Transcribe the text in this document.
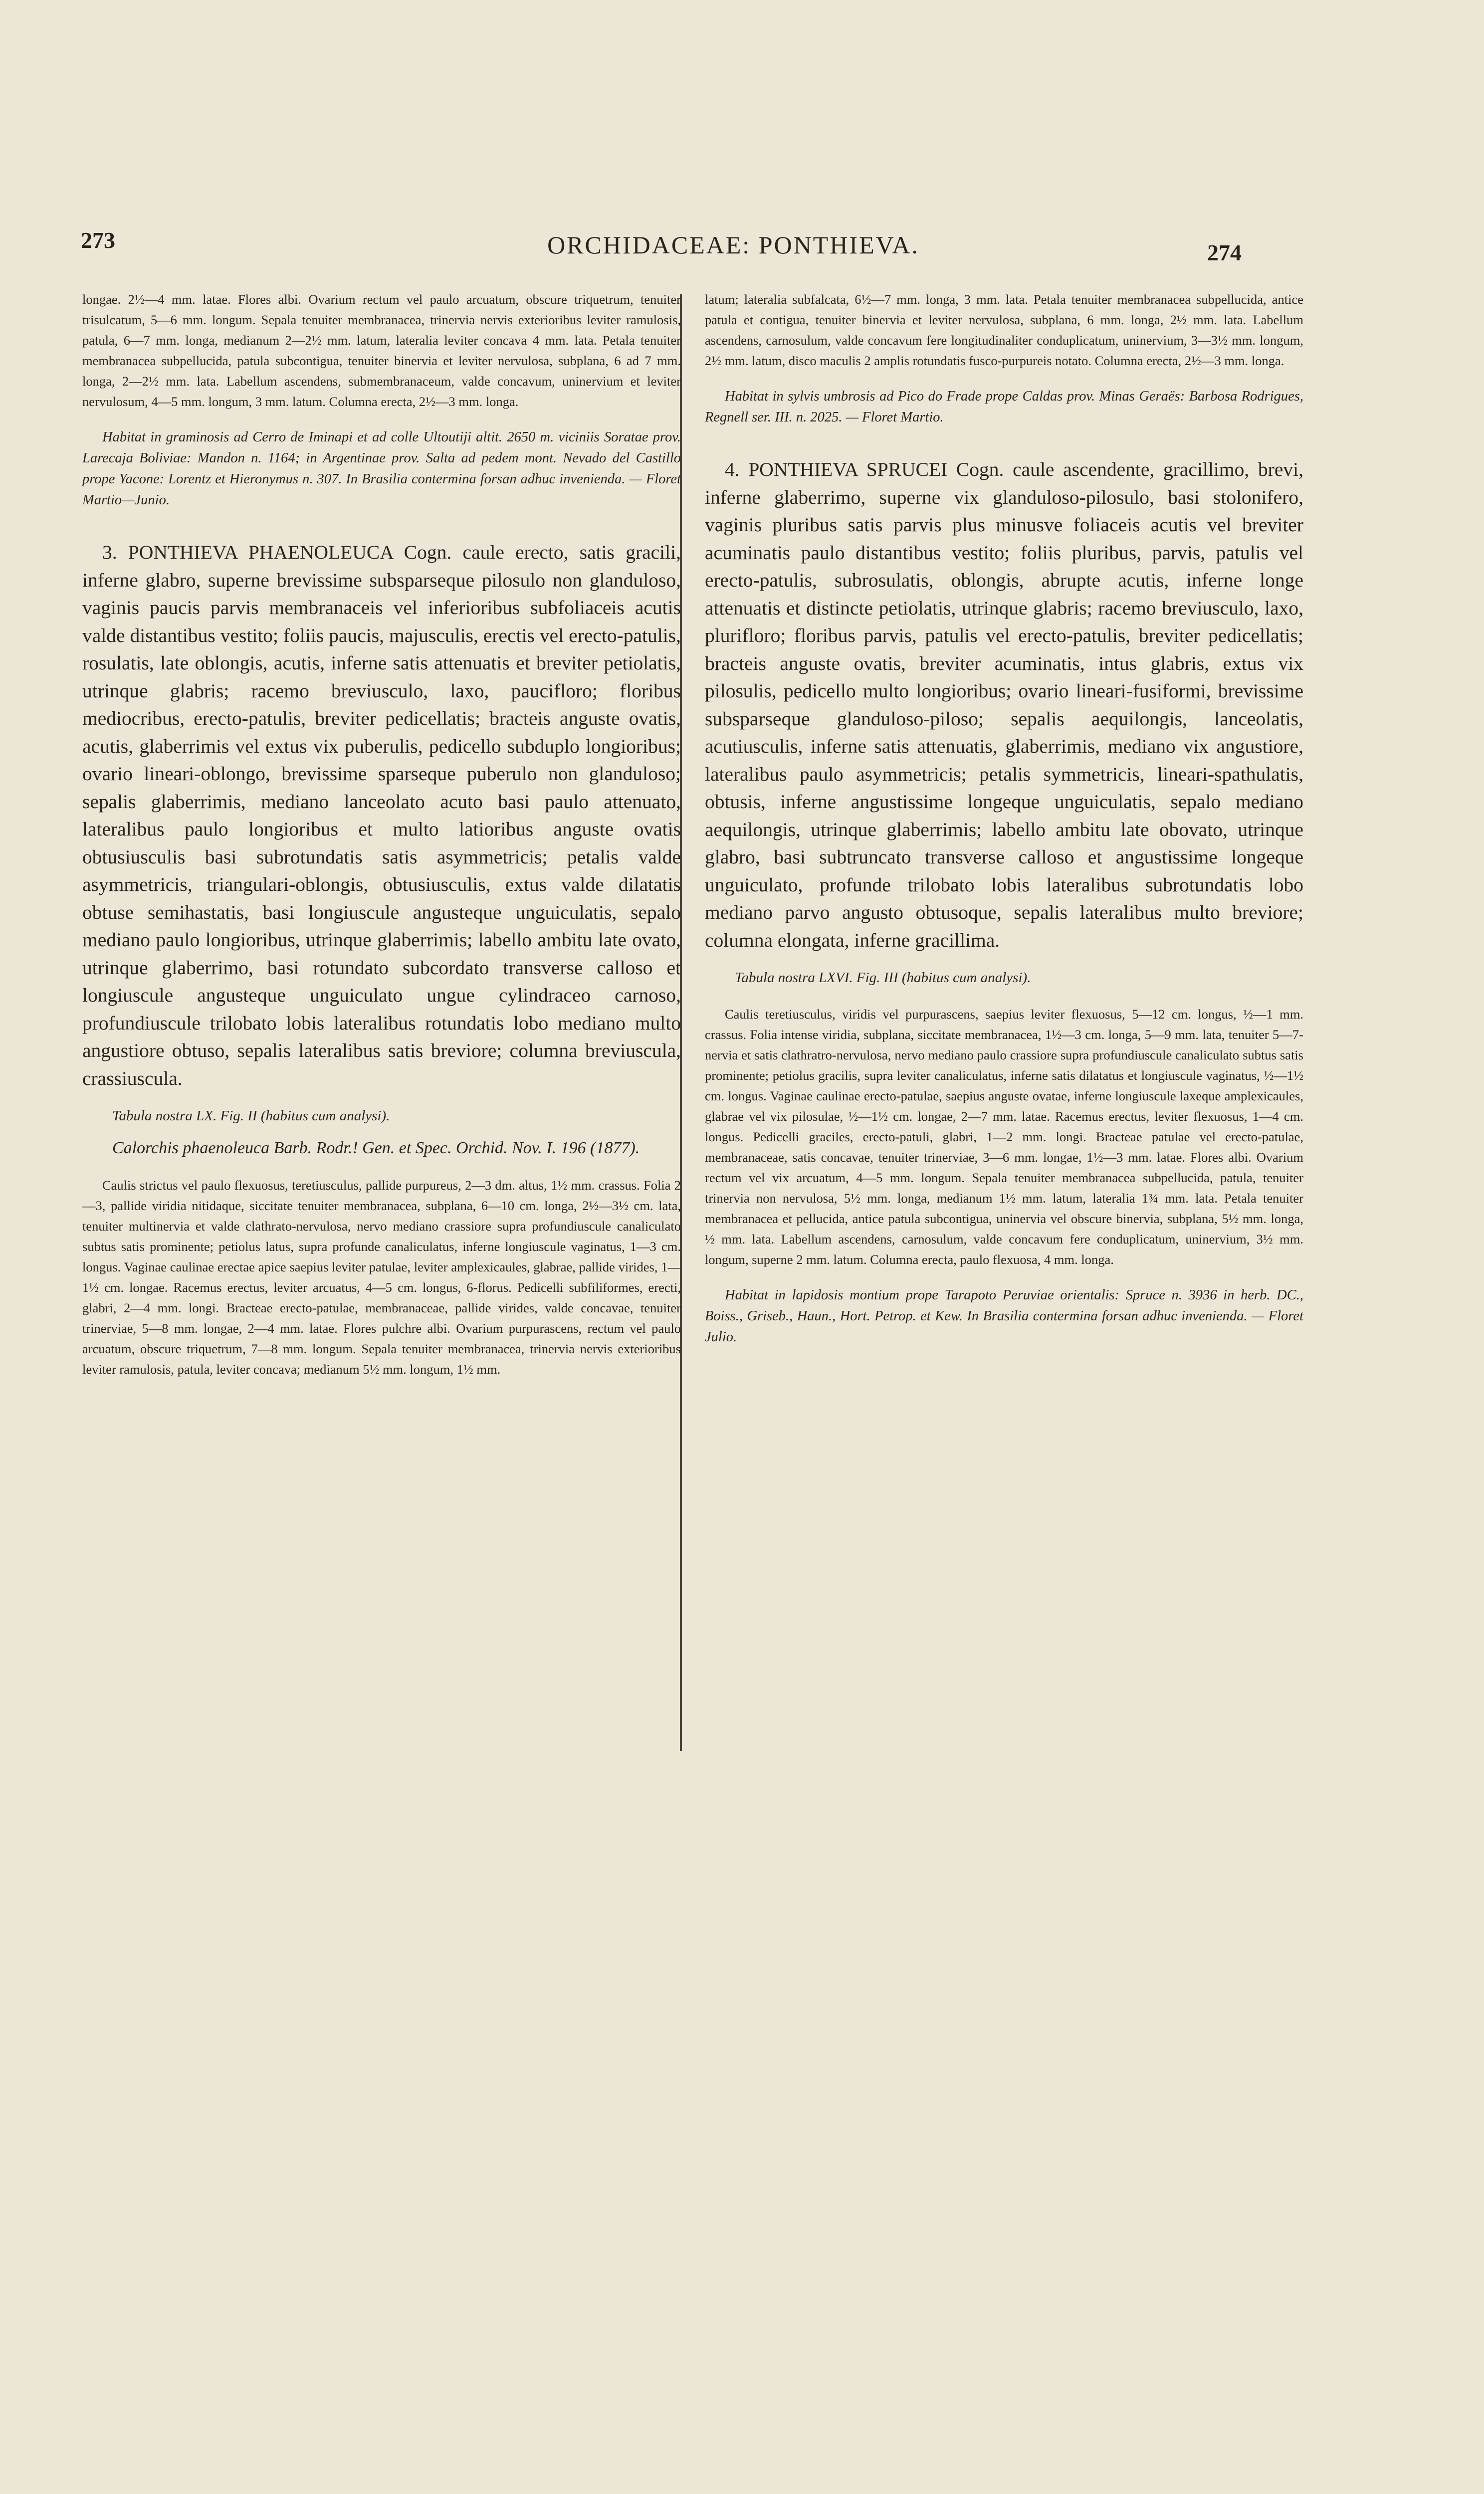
273	ORCHIDACEAE: PONTHIEVA.	274

longae. 2½—4 mm. latae. Flores albi. Ovarium rectum vel paulo arcuatum, obscure triquetrum, tenuiter trisulcatum, 5—6 mm. longum. Sepala tenuiter membranacea, trinervia nervis exterioribus leviter ramulosis, patula, 6—7 mm. longa, medianum 2—2½ mm. latum, lateralia leviter concava 4 mm. lata. Petala tenuiter membranacea subpellucida, patula subcontigua, tenuiter binervia et leviter nervulosa, subplana, 6 ad 7 mm. longa, 2—2½ mm. lata. Labellum ascendens, submembranaceum, valde concavum, uninervium et leviter nervulosum, 4—5 mm. longum, 3 mm. latum. Columna erecta, 2½—3 mm. longa.

Habitat in graminosis ad Cerro de Iminapi et ad colle Ultoutiji altit. 2650 m. viciniis Soratae prov. Larecaja Boliviae: Mandon n. 1164; in Argentinae prov. Salta ad pedem mont. Nevado del Castillo prope Yacone: Lorentz et Hieronymus n. 307. In Brasilia contermina forsan adhuc invenienda. — Floret Martio—Junio.

3. PONTHIEVA PHAENOLEUCA Cogn. caule erecto, satis gracili, inferne glabro, superne brevissime subsparseque pilosulo non glanduloso, vaginis paucis parvis membranaceis vel inferioribus subfoliaceis acutis valde distantibus vestito; foliis paucis, majusculis, erectis vel erecto-patulis, rosulatis, late oblongis, acutis, inferne satis attenuatis et breviter petiolatis, utrinque glabris; racemo breviusculo, laxo, paucifloro; floribus mediocribus, erecto-patulis, breviter pedicellatis; bracteis anguste ovatis, acutis, glaberrimis vel extus vix puberulis, pedicello subduplo longioribus; ovario lineari-oblongo, brevissime sparseque puberulo non glanduloso; sepalis glaberrimis, mediano lanceolato acuto basi paulo attenuato, lateralibus paulo longioribus et multo latioribus anguste ovatis obtusiusculis basi subrotundatis satis asymmetricis; petalis valde asymmetricis, triangulari-oblongis, obtusiusculis, extus valde dilatatis obtuse semihastatis, basi longiuscule angusteque unguiculatis, sepalo mediano paulo longioribus, utrinque glaberrimis; labello ambitu late ovato, utrinque glaberrimo, basi rotundato subcordato transverse calloso et longiuscule angusteque unguiculato ungue cylindraceo carnoso, profundiuscule trilobato lobis lateralibus rotundatis lobo mediano multo angustiore obtuso, sepalis lateralibus satis breviore; columna breviuscula, crassiuscula.

Tabula nostra LX. Fig. II (habitus cum analysi).

Calorchis phaenoleuca Barb. Rodr.! Gen. et Spec. Orchid. Nov. I. 196 (1877).

Caulis strictus vel paulo flexuosus, teretiusculus, pallide purpureus, 2—3 dm. altus, 1½ mm. crassus. Folia 2—3, pallide viridia nitidaque, siccitate tenuiter membranacea, subplana, 6—10 cm. longa, 2½—3½ cm. lata, tenuiter multinervia et valde clathrato-nervulosa, nervo mediano crassiore supra profundiuscule canaliculato subtus satis prominente; petiolus latus, supra profunde canaliculatus, inferne longiuscule vaginatus, 1—3 cm. longus. Vaginae caulinae erectae apice saepius leviter patulae, leviter amplexicaules, glabrae, pallide virides, 1—1½ cm. longae. Racemus erectus, leviter arcuatus, 4—5 cm. longus, 6-florus. Pedicelli subfiliformes, erecti, glabri, 2—4 mm. longi. Bracteae erecto-patulae, membranaceae, pallide virides, valde concavae, tenuiter trinerviae, 5—8 mm. longae, 2—4 mm. latae. Flores pulchre albi. Ovarium purpurascens, rectum vel paulo arcuatum, obscure triquetrum, 7—8 mm. longum. Sepala tenuiter membranacea, trinervia nervis exterioribus leviter ramulosis, patula, leviter concava; medianum 5½ mm. longum, 1½ mm.

latum; lateralia subfalcata, 6½—7 mm. longa, 3 mm. lata. Petala tenuiter membranacea subpellucida, antice patula et contigua, tenuiter binervia et leviter nervulosa, subplana, 6 mm. longa, 2½ mm. lata. Labellum ascendens, carnosulum, valde concavum fere longitudinaliter conduplicatum, uninervium, 3—3½ mm. longum, 2½ mm. latum, disco maculis 2 amplis rotundatis fusco-purpureis notato. Columna erecta, 2½—3 mm. longa.

Habitat in sylvis umbrosis ad Pico do Frade prope Caldas prov. Minas Geraës: Barbosa Rodrigues, Regnell ser. III. n. 2025. — Floret Martio.

4. PONTHIEVA SPRUCEI Cogn. caule ascendente, gracillimo, brevi, inferne glaberrimo, superne vix glanduloso-pilosulo, basi stolonifero, vaginis pluribus satis parvis plus minusve foliaceis acutis vel breviter acuminatis paulo distantibus vestito; foliis pluribus, parvis, patulis vel erecto-patulis, subrosulatis, oblongis, abrupte acutis, inferne longe attenuatis et distincte petiolatis, utrinque glabris; racemo breviusculo, laxo, plurifloro; floribus parvis, patulis vel erecto-patulis, breviter pedicellatis; bracteis anguste ovatis, breviter acuminatis, intus glabris, extus vix pilosulis, pedicello multo longioribus; ovario lineari-fusiformi, brevissime subsparseque glanduloso-piloso; sepalis aequilongis, lanceolatis, acutiusculis, inferne satis attenuatis, glaberrimis, mediano vix angustiore, lateralibus paulo asymmetricis; petalis symmetricis, lineari-spathulatis, obtusis, inferne angustissime longeque unguiculatis, sepalo mediano aequilongis, utrinque glaberrimis; labello ambitu late obovato, utrinque glabro, basi subtruncato transverse calloso et angustissime longeque unguiculato, profunde trilobato lobis lateralibus subrotundatis lobo mediano parvo angusto obtusoque, sepalis lateralibus multo breviore; columna elongata, inferne gracillima.

Tabula nostra LXVI. Fig. III (habitus cum analysi).

Caulis teretiusculus, viridis vel purpurascens, saepius leviter flexuosus, 5—12 cm. longus, ½—1 mm. crassus. Folia intense viridia, subplana, siccitate membranacea, 1½—3 cm. longa, 5—9 mm. lata, tenuiter 5—7-nervia et satis clathratro-nervulosa, nervo mediano paulo crassiore supra profundiuscule canaliculato subtus satis prominente; petiolus gracilis, supra leviter canaliculatus, inferne satis dilatatus et longiuscule vaginatus, ½—1½ cm. longus. Vaginae caulinae erecto-patulae, saepius anguste ovatae, inferne longiuscule laxeque amplexicaules, glabrae vel vix pilosulae, ½—1½ cm. longae, 2—7 mm. latae. Racemus erectus, leviter flexuosus, 1—4 cm. longus. Pedicelli graciles, erecto-patuli, glabri, 1—2 mm. longi. Bracteae patulae vel erecto-patulae, membranaceae, satis concavae, tenuiter trinerviae, 3—6 mm. longae, 1½—3 mm. latae. Flores albi. Ovarium rectum vel vix arcuatum, 4—5 mm. longum. Sepala tenuiter membranacea subpellucida, patula, tenuiter trinervia non nervulosa, 5½ mm. longa, medianum 1½ mm. latum, lateralia 1¾ mm. lata. Petala tenuiter membranacea et pellucida, antice patula subcontigua, uninervia vel obscure binervia, subplana, 5½ mm. longa, ½ mm. lata. Labellum ascendens, carnosulum, valde concavum fere conduplicatum, uninervium, 3½ mm. longum, superne 2 mm. latum. Columna erecta, paulo flexuosa, 4 mm. longa.

Habitat in lapidosis montium prope Tarapoto Peruviae orientalis: Spruce n. 3936 in herb. DC., Boiss., Griseb., Haun., Hort. Petrop. et Kew. In Brasilia contermina forsan adhuc invenienda. — Floret Julio.
